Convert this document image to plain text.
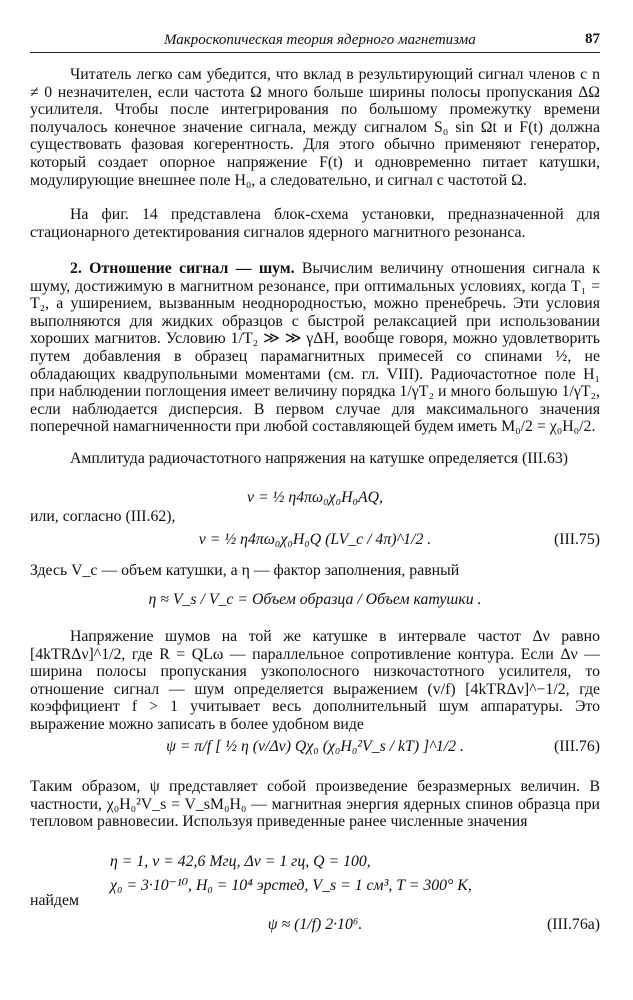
Макроскопическая теория ядерного магнетизма	87

Читатель легко сам убедится, что вклад в результирующий сигнал членов с n ≠ 0 незначителен, если частота Ω много больше ширины полосы пропускания ΔΩ усилителя. Чтобы после интегрирования по большому промежутку времени получалось конечное значение сигнала, между сигналом S₀ sin Ωt и F(t) должна существовать фазовая когерентность. Для этого обычно применяют генератор, который создает опорное напряжение F(t) и одновременно питает катушки, модулирующие внешнее поле H₀, а следовательно, и сигнал с частотой Ω.

На фиг. 14 представлена блок-схема установки, предназначенной для стационарного детектирования сигналов ядерного магнитного резонанса.

2. Отношение сигнал — шум. Вычислим величину отношения сигнала к шуму, достижимую в магнитном резонансе, при оптимальных условиях, когда T₁ = T₂, а уширением, вызванным неоднородностью, можно пренебречь. Эти условия выполняются для жидких образцов с быстрой релаксацией при использовании хороших магнитов. Условию 1/T₂ ≫ ≫ γΔH, вообще говоря, можно удовлетворить путем добавления в образец парамагнитных примесей со спинами ½, не обладающих квадрупольными моментами (см. гл. VIII). Радиочастотное поле H₁ при наблюдении поглощения имеет величину порядка 1/γT₂ и много большую 1/γT₂, если наблюдается дисперсия. В первом случае для максимального значения поперечной намагниченности при любой составляющей будем иметь M₀/2 = χ₀H₀/2.

Амплитуда радиочастотного напряжения на катушке определяется (III.63)

v = ½ η4πω₀χ₀H₀AQ,

или, согласно (III.62),

v = ½ η4πω₀χ₀H₀Q (LV_c / 4π)^1/2 .	(III.75)

Здесь V_c — объем катушки, а η — фактор заполнения, равный

η ≈ V_s / V_c = Объем образца / Объем катушки .

Напряжение шумов на той же катушке в интервале частот Δν равно [4kTRΔν]^1/2, где R = QLω — параллельное сопротивление контура. Если Δν — ширина полосы пропускания узкополосного низкочастотного усилителя, то отношение сигнал — шум определяется выражением (v/f) [4kTRΔν]^−1/2, где коэффициент f > 1 учитывает весь дополнительный шум аппаратуры. Это выражение можно записать в более удобном виде

ψ = π/f [ ½ η (ν/Δν) Qχ₀ (χ₀H₀²V_s / kT) ]^1/2 .	(III.76)

Таким образом, ψ представляет собой произведение безразмерных величин. В частности, χ₀H₀²V_s = V_sM₀H₀ — магнитная энергия ядерных спинов образца при тепловом равновесии. Используя приведенные ранее численные значения

η = 1, ν = 42,6 Мгц, Δν = 1 гц, Q = 100,
χ₀ = 3·10⁻¹⁰, H₀ = 10⁴ эрстед, V_s = 1 см³, T = 300° K,

найдем

ψ ≈ (1/f) 2·10⁶.	(III.76a)
